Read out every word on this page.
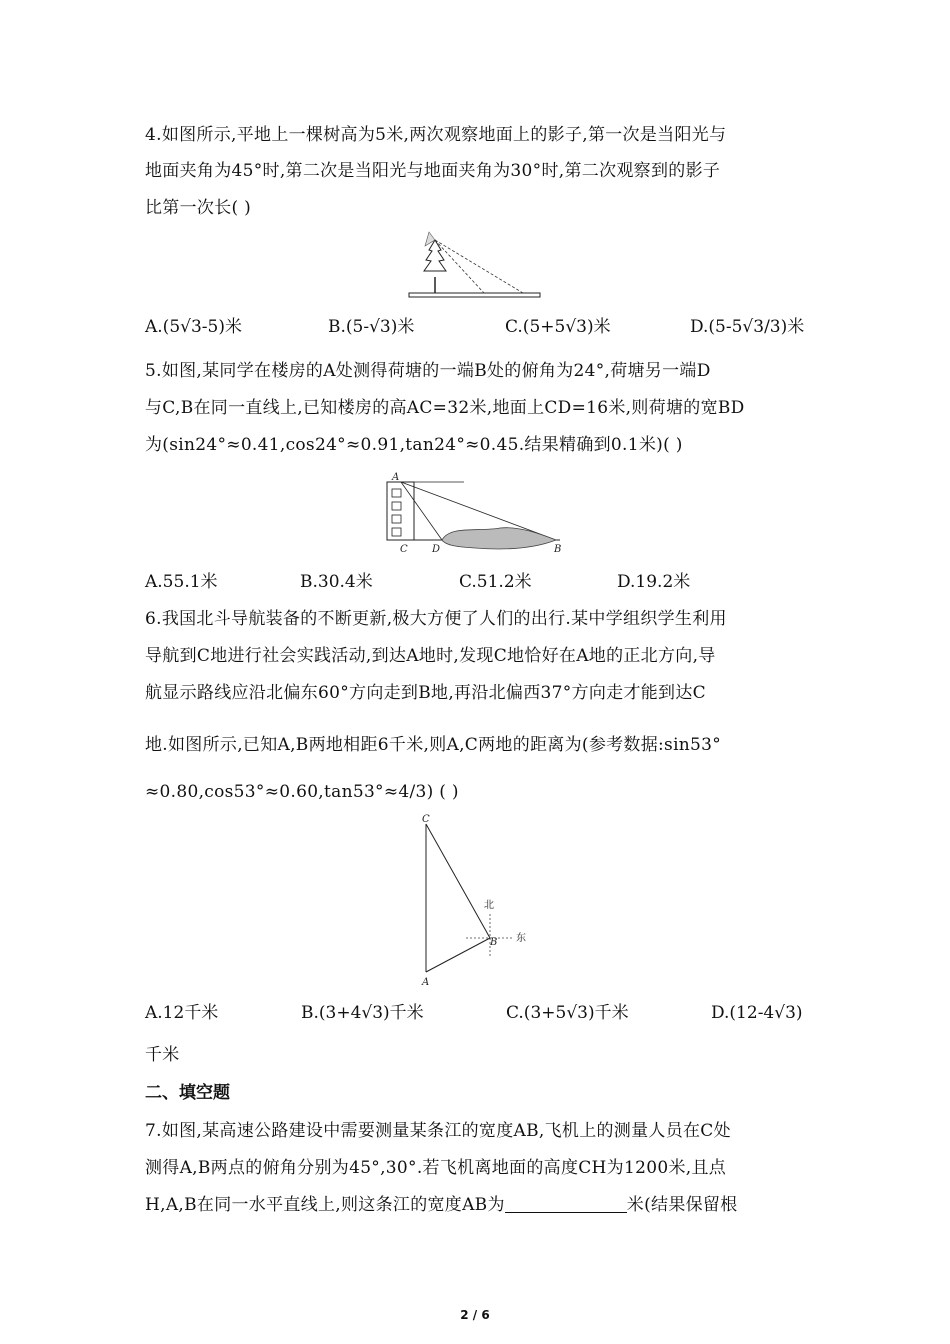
4.如图所示,平地上一棵树高为5米,两次观察地面上的影子,第一次是当阳光与
地面夹角为45°时,第二次是当阳光与地面夹角为30°时,第二次观察到的影子
比第一次长( )
A.(5√3-5)米	B.(5-√3)米	C.(5+5√3)米	D.(5-5√3/3)米
5.如图,某同学在楼房的A处测得荷塘的一端B处的俯角为24°,荷塘另一端D
与C,B在同一直线上,已知楼房的高AC=32米,地面上CD=16米,则荷塘的宽BD
为(sin24°≈0.41,cos24°≈0.91,tan24°≈0.45.结果精确到0.1米)( )
A
C D	B
A.55.1米	B.30.4米	C.51.2米	D.19.2米
6.我国北斗导航装备的不断更新,极大方便了人们的出行.某中学组织学生利用
导航到C地进行社会实践活动,到达A地时,发现C地恰好在A地的正北方向,导
航显示路线应沿北偏东60°方向走到B地,再沿北偏西37°方向走才能到达C
地.如图所示,已知A,B两地相距6千米,则A,C两地的距离为(参考数据:sin53°
≈0.80,cos53°≈0.60,tan53°≈4/3) ( )
C
北
B 东
A
A.12千米	B.(3+4√3)千米	C.(3+5√3)千米	D.(12-4√3)
千米
二、填空题
7.如图,某高速公路建设中需要测量某条江的宽度AB,飞机上的测量人员在C处
测得A,B两点的俯角分别为45°,30°.若飞机离地面的高度CH为1200米,且点
H,A,B在同一水平直线上,则这条江的宽度AB为	米(结果保留根
2 / 6
